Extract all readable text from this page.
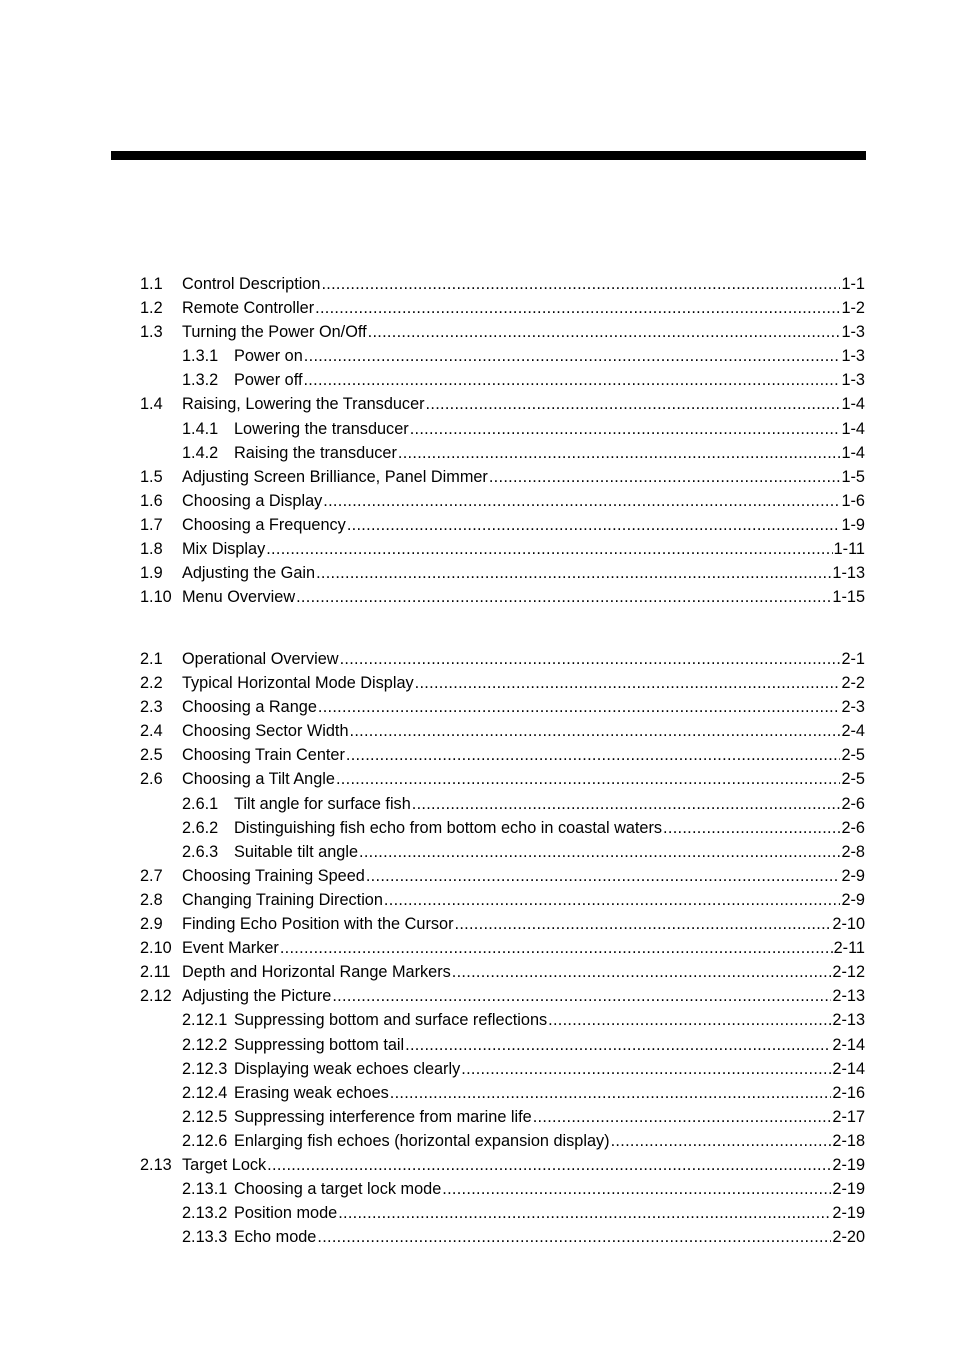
1.1	Control Description .....	1-1
1.2	Remote Controller .....	1-2
1.3	Turning the Power On/Off .....	1-3
1.3.1 Power on .....	1-3
1.3.2 Power off .....	1-3
1.4	Raising, Lowering the Transducer .....	1-4
1.4.1 Lowering the transducer .....	1-4
1.4.2 Raising the transducer .....	1-4
1.5	Adjusting Screen Brilliance, Panel Dimmer .....	1-5
1.6	Choosing a Display .....	1-6
1.7	Choosing a Frequency .....	1-9
1.8	Mix Display .....	1-11
1.9	Adjusting the Gain .....	1-13
1.10 Menu Overview .....	1-15
2.1	Operational Overview .....	2-1
2.2	Typical Horizontal Mode Display .....	2-2
2.3	Choosing a Range .....	2-3
2.4	Choosing Sector Width .....	2-4
2.5	Choosing Train Center .....	2-5
2.6	Choosing a Tilt Angle .....	2-5
2.6.1 Tilt angle for surface fish .....	2-6
2.6.2 Distinguishing fish echo from bottom echo in coastal waters .....	2-6
2.6.3 Suitable tilt angle .....	2-8
2.7	Choosing Training Speed .....	2-9
2.8	Changing Training Direction .....	2-9
2.9	Finding Echo Position with the Cursor .....	2-10
2.10 Event Marker .....	2-11
2.11 Depth and Horizontal Range Markers .....	2-12
2.12 Adjusting the Picture .....	2-13
2.12.1 Suppressing bottom and surface reflections .....	2-13
2.12.2 Suppressing bottom tail .....	2-14
2.12.3 Displaying weak echoes clearly .....	2-14
2.12.4 Erasing weak echoes .....	2-16
2.12.5 Suppressing interference from marine life .....	2-17
2.12.6 Enlarging fish echoes (horizontal expansion display) .....	2-18
2.13 Target Lock .....	2-19
2.13.1 Choosing a target lock mode .....	2-19
2.13.2 Position mode .....	2-19
2.13.3 Echo mode .....	2-20
